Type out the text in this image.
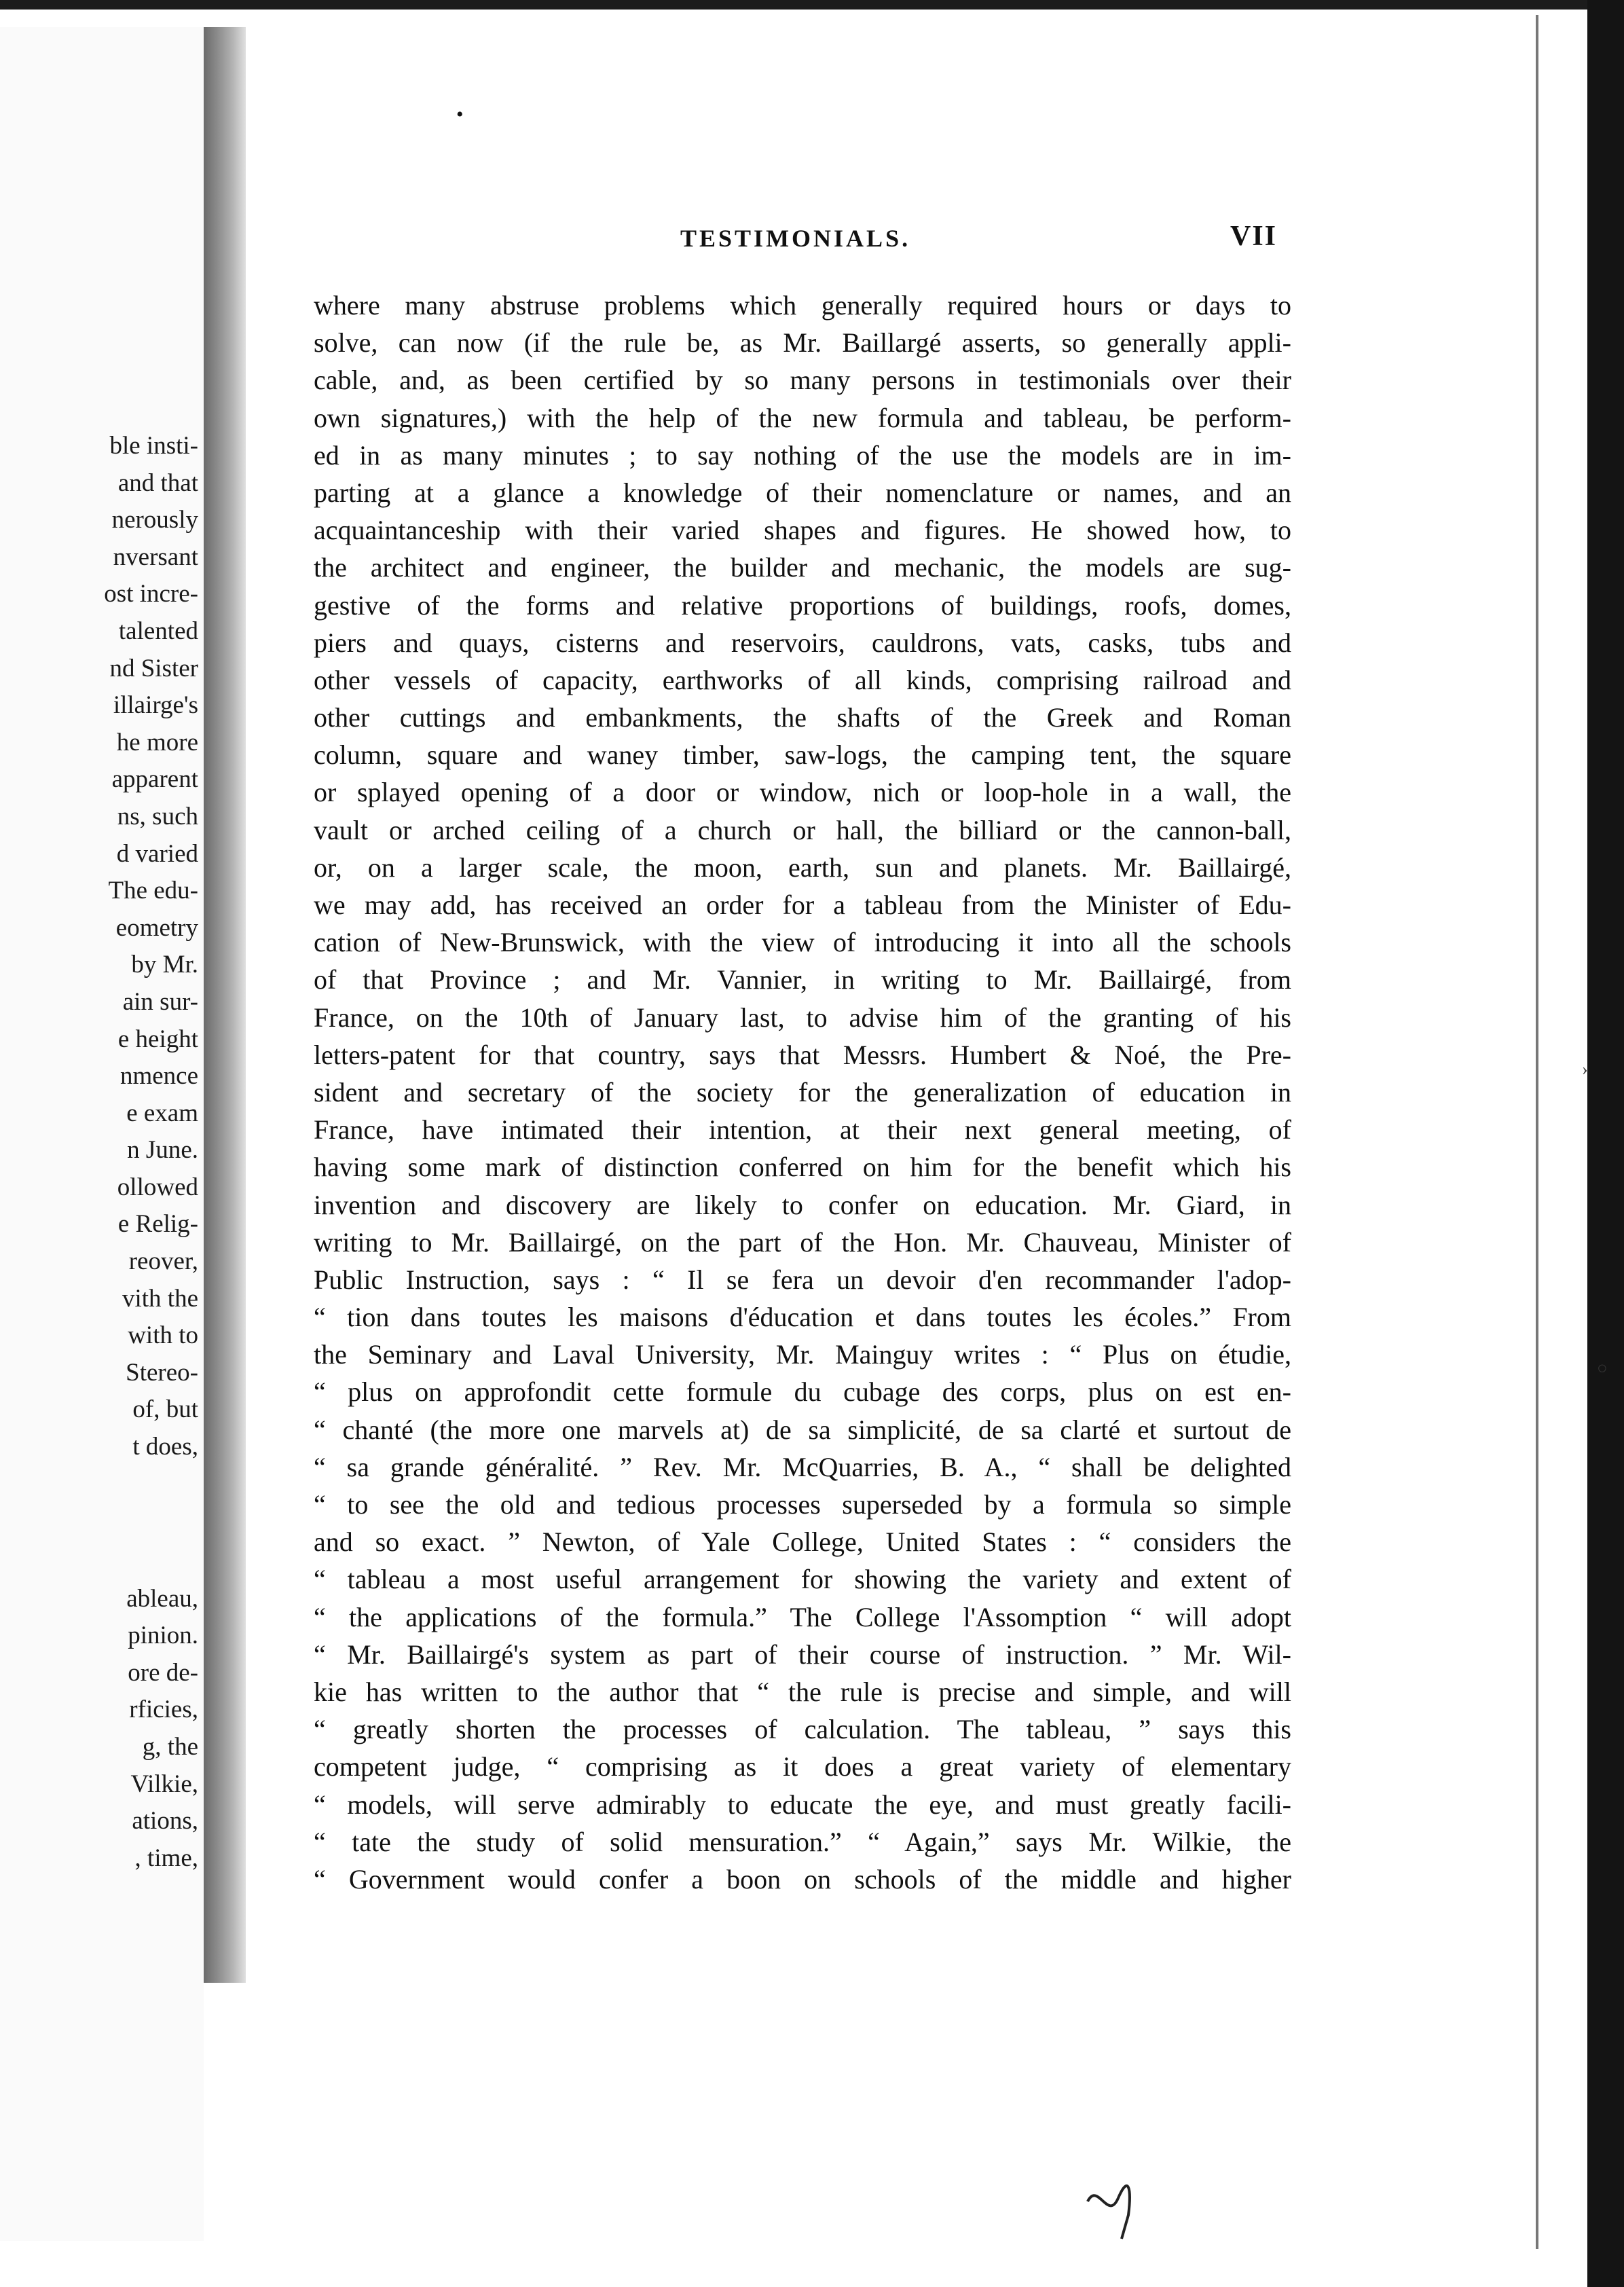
ble insti-
and that
nerously
nversant
ost incre-
talented
nd Sister
illairge's
he more
apparent
ns, such
d varied
The edu-
eometry
by Mr.
ain sur-
e height
nmence
e exam
n June.
ollowed
e Relig-
reover,
vith the
with to
Stereo-
of, but
t does,
ableau,
pinion.
ore de-
rficies,
g, the
Vilkie,
ations,
, time,
•
TESTIMONIALS.	VII
where many abstruse problems which generally required hours or days to
solve, can now (if the rule be, as Mr. Baillargé asserts, so generally appli-
cable, and, as been certified by so many persons in testimonials over their
own signatures,) with the help of the new formula and tableau, be perform-
ed in as many minutes ; to say nothing of the use the models are in im-
parting at a glance a knowledge of their nomenclature or names, and an
acquaintanceship with their varied shapes and figures. He showed how, to
the architect and engineer, the builder and mechanic, the models are sug-
gestive of the forms and relative proportions of buildings, roofs, domes,
piers and quays, cisterns and reservoirs, cauldrons, vats, casks, tubs and
other vessels of capacity, earthworks of all kinds, comprising railroad and
other cuttings and embankments, the shafts of the Greek and Roman
column, square and waney timber, saw-logs, the camping tent, the square
or splayed opening of a door or window, nich or loop-hole in a wall, the
vault or arched ceiling of a church or hall, the billiard or the cannon-ball,
or, on a larger scale, the moon, earth, sun and planets. Mr. Baillairgé,
we may add, has received an order for a tableau from the Minister of Edu-
cation of New-Brunswick, with the view of introducing it into all the schools
of that Province ; and Mr. Vannier, in writing to Mr. Baillairgé, from
France, on the 10th of January last, to advise him of the granting of his
letters-patent for that country, says that Messrs. Humbert & Noé, the Pre-
sident and secretary of the society for the generalization of education in
France, have intimated their intention, at their next general meeting, of
having some mark of distinction conferred on him for the benefit which his
invention and discovery are likely to confer on education. Mr. Giard, in
writing to Mr. Baillairgé, on the part of the Hon. Mr. Chauveau, Minister of
Public Instruction, says : “ Il se fera un devoir d'en recommander l'adop-
“ tion dans toutes les maisons d'éducation et dans toutes les écoles.” From
the Seminary and Laval University, Mr. Mainguy writes : “ Plus on étudie,
“ plus on approfondit cette formule du cubage des corps, plus on est en-
“ chanté (the more one marvels at) de sa simplicité, de sa clarté et surtout de
“ sa grande généralité. ” Rev. Mr. McQuarries, B. A., “ shall be delighted
“ to see the old and tedious processes superseded by a formula so simple
and so exact. ” Newton, of Yale College, United States : “ considers the
“ tableau a most useful arrangement for showing the variety and extent of
“ the applications of the formula.” The College l'Assomption “ will adopt
“ Mr. Baillairgé's system as part of their course of instruction. ” Mr. Wil-
kie has written to the author that “ the rule is precise and simple, and will
“ greatly shorten the processes of calculation. The tableau, ” says this
competent judge, “ comprising as it does a great variety of elementary
“ models, will serve admirably to educate the eye, and must greatly facili-
“ tate the study of solid mensuration.” “ Again,” says Mr. Wilkie, the
“ Government would confer a boon on schools of the middle and higher
›
○
